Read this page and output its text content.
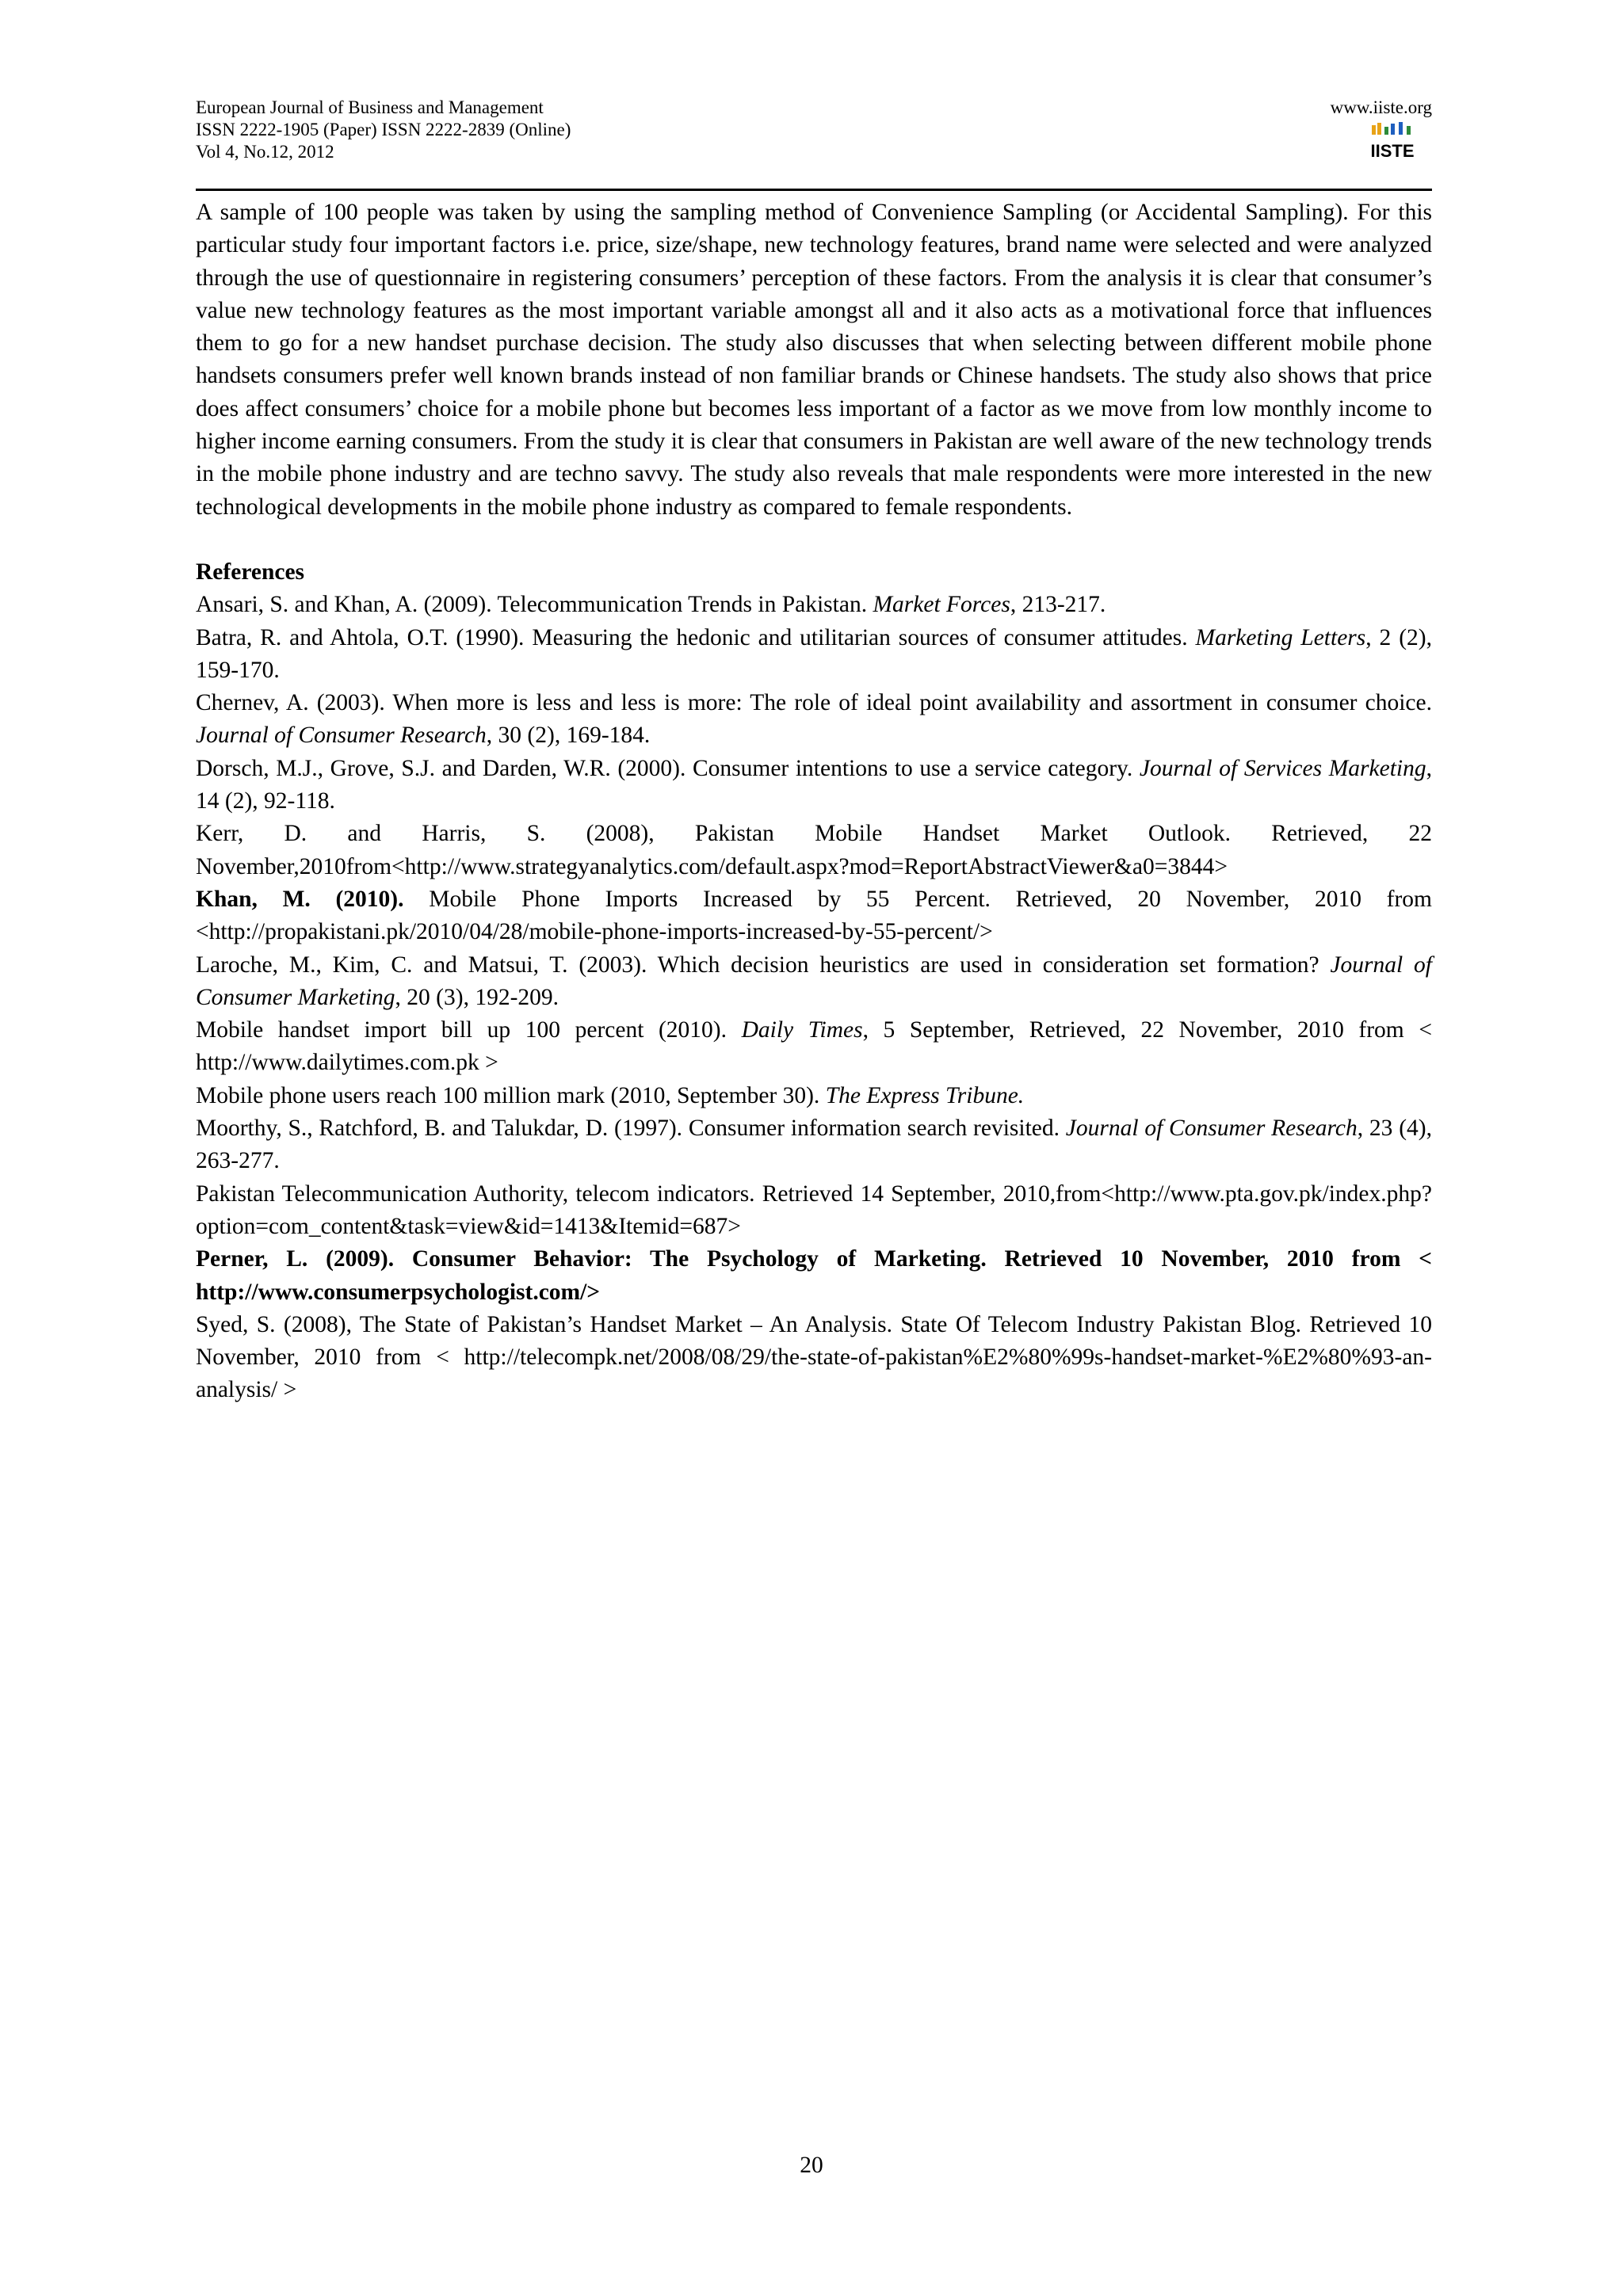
European Journal of Business and Management
ISSN 2222-1905 (Paper) ISSN 2222-2839 (Online)
Vol 4, No.12, 2012
www.iiste.org
IISTE

A sample of 100 people was taken by using the sampling method of Convenience Sampling (or Accidental Sampling). For this particular study four important factors i.e. price, size/shape, new technology features, brand name were selected and were analyzed through the use of questionnaire in registering consumers’ perception of these factors. From the analysis it is clear that consumer’s value new technology features as the most important variable amongst all and it also acts as a motivational force that influences them to go for a new handset purchase decision. The study also discusses that when selecting between different mobile phone handsets consumers prefer well known brands instead of non familiar brands or Chinese handsets. The study also shows that price does affect consumers’ choice for a mobile phone but becomes less important of a factor as we move from low monthly income to higher income earning consumers. From the study it is clear that consumers in Pakistan are well aware of the new technology trends in the mobile phone industry and are techno savvy. The study also reveals that male respondents were more interested in the new technological developments in the mobile phone industry as compared to female respondents.

References

Ansari, S. and Khan, A. (2009). Telecommunication Trends in Pakistan. Market Forces, 213-217.

Batra, R. and Ahtola, O.T. (1990). Measuring the hedonic and utilitarian sources of consumer attitudes. Marketing Letters, 2 (2), 159-170.

Chernev, A. (2003). When more is less and less is more: The role of ideal point availability and assortment in consumer choice. Journal of Consumer Research, 30 (2), 169-184.

Dorsch, M.J., Grove, S.J. and Darden, W.R. (2000). Consumer intentions to use a service category. Journal of Services Marketing, 14 (2), 92-118.

Kerr, D. and Harris, S. (2008), Pakistan Mobile Handset Market Outlook. Retrieved, 22 November,2010from<http://www.strategyanalytics.com/default.aspx?mod=ReportAbstractViewer&a0=3844>

Khan, M. (2010). Mobile Phone Imports Increased by 55 Percent. Retrieved, 20 November, 2010 from <http://propakistani.pk/2010/04/28/mobile-phone-imports-increased-by-55-percent/>

Laroche, M., Kim, C. and Matsui, T. (2003). Which decision heuristics are used in consideration set formation? Journal of Consumer Marketing, 20 (3), 192-209.

Mobile handset import bill up 100 percent (2010). Daily Times, 5 September, Retrieved, 22 November, 2010 from < http://www.dailytimes.com.pk >

Mobile phone users reach 100 million mark (2010, September 30). The Express Tribune.

Moorthy, S., Ratchford, B. and Talukdar, D. (1997). Consumer information search revisited. Journal of Consumer Research, 23 (4), 263-277.

Pakistan Telecommunication Authority, telecom indicators. Retrieved 14 September, 2010,from<http://www.pta.gov.pk/index.php?option=com_content&task=view&id=1413&Itemid=687>

Perner, L. (2009). Consumer Behavior: The Psychology of Marketing. Retrieved 10 November, 2010 from < http://www.consumerpsychologist.com/>

Syed, S. (2008), The State of Pakistan’s Handset Market – An Analysis. State Of Telecom Industry Pakistan Blog. Retrieved 10 November, 2010 from < http://telecompk.net/2008/08/29/the-state-of-pakistan%E2%80%99s-handset-market-%E2%80%93-an-analysis/ >

20
